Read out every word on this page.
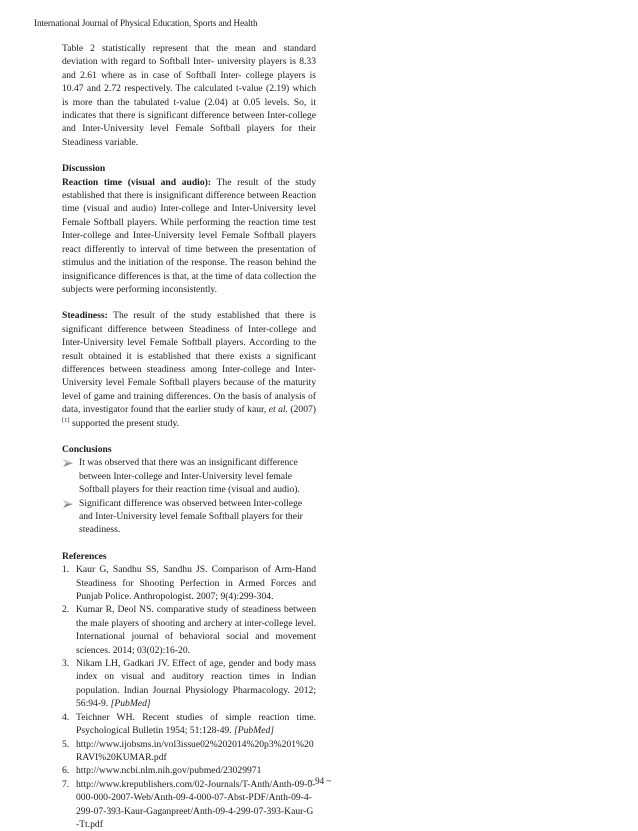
International Journal of Physical Education, Sports and Health

Table 2 statistically represent that the mean and standard deviation with regard to Softball Inter- university players is 8.33 and 2.61 where as in case of Softball Inter- college players is 10.47 and 2.72 respectively. The calculated t-value (2.19) which is more than the tabulated t-value (2.04) at 0.05 levels. So, it indicates that there is significant difference between Inter-college and Inter-University level Female Softball players for their Steadiness variable.

Discussion

Reaction time (visual and audio): The result of the study established that there is insignificant difference between Reaction time (visual and audio) Inter-college and Inter-University level Female Softball players. While performing the reaction time test Inter-college and Inter-University level Female Softball players react differently to interval of time between the presentation of stimulus and the initiation of the response. The reason behind the insignificance differences is that, at the time of data collection the subjects were performing inconsistently.

Steadiness: The result of the study established that there is significant difference between Steadiness of Inter-college and Inter-University level Female Softball players. According to the result obtained it is established that there exists a significant differences between steadiness among Inter-college and Inter-University level Female Softball players because of the maturity level of game and training differences. On the basis of analysis of data, investigator found that the earlier study of kaur, et al. (2007) [1] supported the present study.

Conclusions

It was observed that there was an insignificant difference between Inter-college and Inter-University level female Softball players for their reaction time (visual and audio).
Significant difference was observed between Inter-college and Inter-University level female Softball players for their steadiness.

References

1. Kaur G, Sandhu SS, Sandhu JS. Comparison of Arm-Hand Steadiness for Shooting Perfection in Armed Forces and Punjab Police. Anthropologist. 2007; 9(4):299-304.
2. Kumar R, Deol NS. comparative study of steadiness between the male players of shooting and archery at inter-college level. International journal of behavioral social and movement sciences. 2014; 03(02):16-20.
3. Nikam LH, Gadkari JV. Effect of age, gender and body mass index on visual and auditory reaction times in Indian population. Indian Journal Physiology Pharmacology. 2012; 56:94-9. [PubMed]
4. Teichner WH. Recent studies of simple reaction time. Psychological Bulletin 1954; 51:128-49. [PubMed]
5. http://www.ijobsms.in/vol3issue02%202014%20p3%201%20RAVI%20KUMAR.pdf
6. http://www.ncbi.nlm.nih.gov/pubmed/23029971
7. http://www.krepublishers.com/02-Journals/T-Anth/Anth-09-0-000-000-2007-Web/Anth-09-4-000-07-Abst-PDF/Anth-09-4-299-07-393-Kaur-Gaganpreet/Anth-09-4-299-07-393-Kaur-G-Tt.pdf
~ 94 ~
